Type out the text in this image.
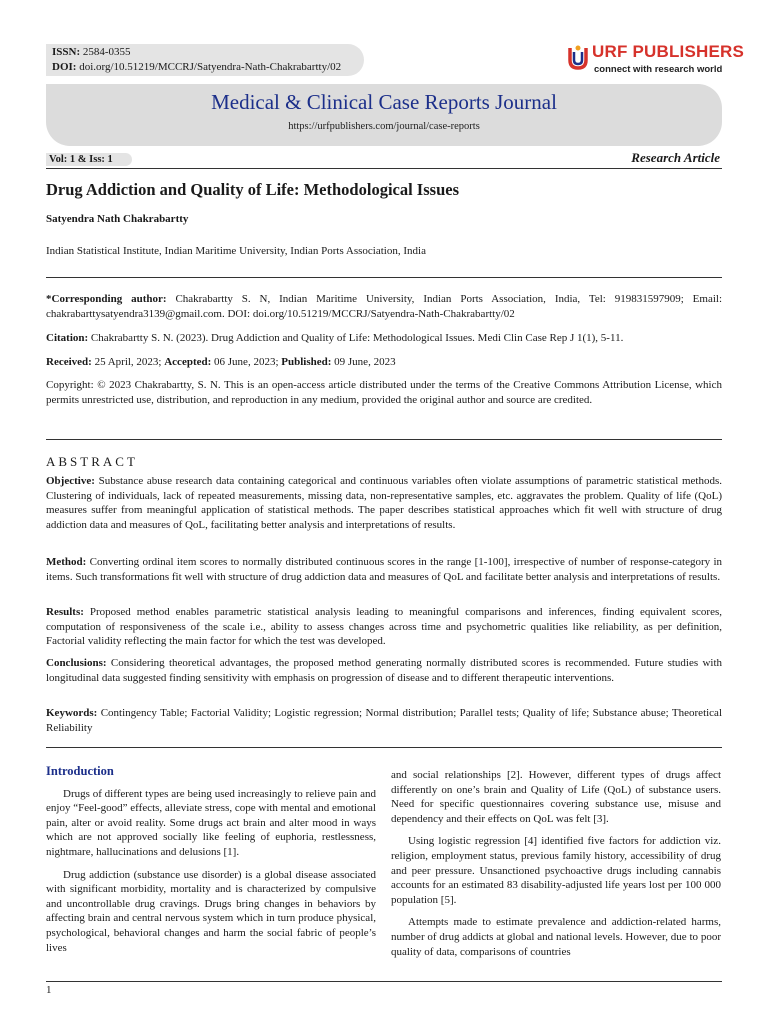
ISSN: 2584-0355
DOI: doi.org/10.51219/MCCRJ/Satyendra-Nath-Chakrabartty/02
URF PUBLISHERS
connect with research world
Medical & Clinical Case Reports Journal
https://urfpublishers.com/journal/case-reports
Vol: 1 & Iss: 1	Research Article
Drug Addiction and Quality of Life: Methodological Issues
Satyendra Nath Chakrabartty
Indian Statistical Institute, Indian Maritime University, Indian Ports Association, India

*Corresponding author: Chakrabartty S. N, Indian Maritime University, Indian Ports Association, India, Tel: 919831597909; Email: chakrabarttysatyendra3139@gmail.com. DOI: doi.org/10.51219/MCCRJ/Satyendra-Nath-Chakrabartty/02

Citation: Chakrabartty S. N. (2023). Drug Addiction and Quality of Life: Methodological Issues. Medi Clin Case Rep J 1(1), 5-11.

Received: 25 April, 2023; Accepted: 06 June, 2023; Published: 09 June, 2023

Copyright: © 2023 Chakrabartty, S. N. This is an open-access article distributed under the terms of the Creative Commons Attribution License, which permits unrestricted use, distribution, and reproduction in any medium, provided the original author and source are credited.

ABSTRACT

Objective: Substance abuse research data containing categorical and continuous variables often violate assumptions of parametric statistical methods. Clustering of individuals, lack of repeated measurements, missing data, non-representative samples, etc. aggravates the problem. Quality of life (QoL) measures suffer from meaningful application of statistical methods. The paper describes statistical approaches which fit well with structure of drug addiction data and measures of QoL, facilitating better analysis and interpretations of results.

Method: Converting ordinal item scores to normally distributed continuous scores in the range [1-100], irrespective of number of response-category in items. Such transformations fit well with structure of drug addiction data and measures of QoL and facilitate better analysis and interpretations of results.

Results: Proposed method enables parametric statistical analysis leading to meaningful comparisons and inferences, finding equivalent scores, computation of responsiveness of the scale i.e., ability to assess changes across time and psychometric qualities like reliability, as per definition, Factorial validity reflecting the main factor for which the test was developed.

Conclusions: Considering theoretical advantages, the proposed method generating normally distributed scores is recommended. Future studies with longitudinal data suggested finding sensitivity with emphasis on progression of disease and to different therapeutic interventions.

Keywords: Contingency Table; Factorial Validity; Logistic regression; Normal distribution; Parallel tests; Quality of life; Substance abuse; Theoretical Reliability

Introduction

Drugs of different types are being used increasingly to relieve pain and enjoy “Feel-good” effects, alleviate stress, cope with mental and emotional pain, alter or avoid reality. Some drugs act brain and alter mood in ways which are not approved socially like feeling of euphoria, restlessness, nightmare, hallucinations and delusions [1].

Drug addiction (substance use disorder) is a global disease associated with significant morbidity, mortality and is characterized by compulsive and uncontrollable drug cravings. Drugs bring changes in behaviors by affecting brain and central nervous system which in turn produce physical, psychological, behavioral changes and harm the social fabric of people’s lives

and social relationships [2]. However, different types of drugs affect differently on one’s brain and Quality of Life (QoL) of substance users. Need for specific questionnaires covering substance use, misuse and dependency and their effects on QoL was felt [3].

Using logistic regression [4] identified five factors for addiction viz. religion, employment status, previous family history, accessibility of drug and peer pressure. Unsanctioned psychoactive drugs including cannabis accounts for an estimated 83 disability-adjusted life years lost per 100 000 population [5].

Attempts made to estimate prevalence and addiction-related harms, number of drug addicts at global and national levels. However, due to poor quality of data, comparisons of countries

1
